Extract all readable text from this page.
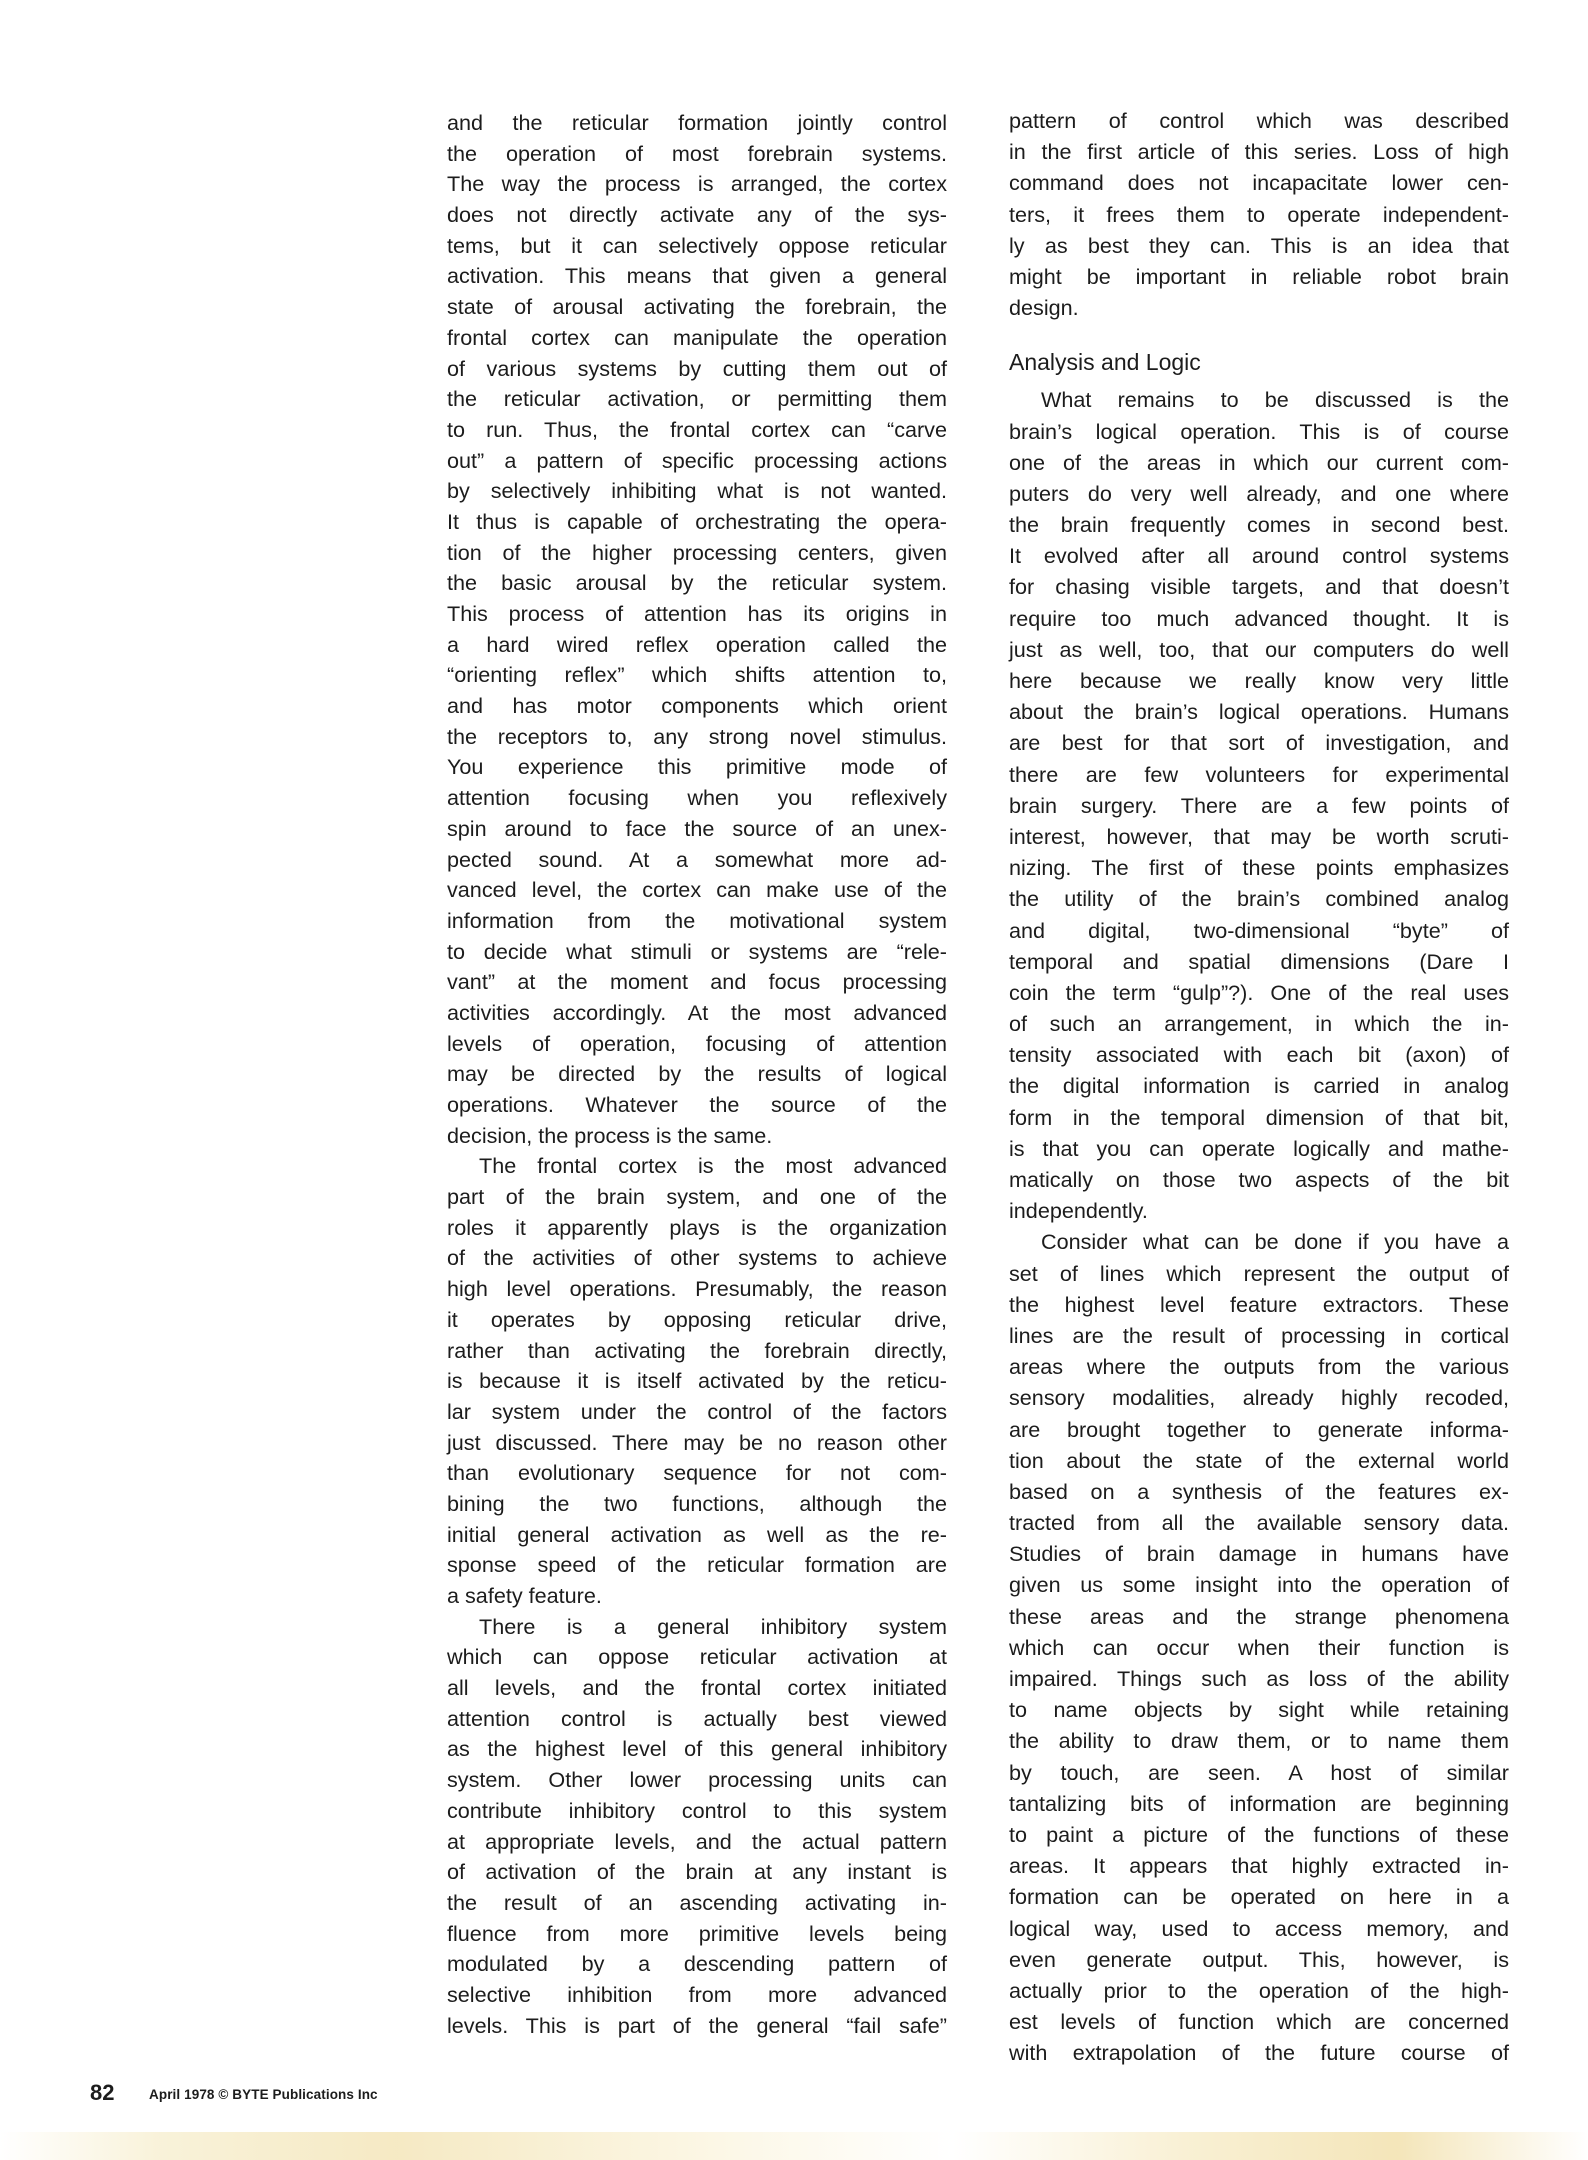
and the reticular formation jointly control
the operation of most forebrain systems.
The way the process is arranged, the cortex
does not directly activate any of the sys-
tems, but it can selectively oppose reticular
activation. This means that given a general
state of arousal activating the forebrain, the
frontal cortex can manipulate the operation
of various systems by cutting them out of
the reticular activation, or permitting them
to run. Thus, the frontal cortex can “carve
out” a pattern of specific processing actions
by selectively inhibiting what is not wanted.
It thus is capable of orchestrating the opera-
tion of the higher processing centers, given
the basic arousal by the reticular system.
This process of attention has its origins in
a hard wired reflex operation called the
“orienting reflex” which shifts attention to,
and has motor components which orient
the receptors to, any strong novel stimulus.
You experience this primitive mode of
attention focusing when you reflexively
spin around to face the source of an unex-
pected sound. At a somewhat more ad-
vanced level, the cortex can make use of the
information from the motivational system
to decide what stimuli or systems are “rele-
vant” at the moment and focus processing
activities accordingly. At the most advanced
levels of operation, focusing of attention
may be directed by the results of logical
operations. Whatever the source of the
decision, the process is the same.
The frontal cortex is the most advanced
part of the brain system, and one of the
roles it apparently plays is the organization
of the activities of other systems to achieve
high level operations. Presumably, the reason
it operates by opposing reticular drive,
rather than activating the forebrain directly,
is because it is itself activated by the reticu-
lar system under the control of the factors
just discussed. There may be no reason other
than evolutionary sequence for not com-
bining the two functions, although the
initial general activation as well as the re-
sponse speed of the reticular formation are
a safety feature.
There is a general inhibitory system
which can oppose reticular activation at
all levels, and the frontal cortex initiated
attention control is actually best viewed
as the highest level of this general inhibitory
system. Other lower processing units can
contribute inhibitory control to this system
at appropriate levels, and the actual pattern
of activation of the brain at any instant is
the result of an ascending activating in-
fluence from more primitive levels being
modulated by a descending pattern of
selective inhibition from more advanced
levels. This is part of the general “fail safe”
pattern of control which was described
in the first article of this series. Loss of high
command does not incapacitate lower cen-
ters, it frees them to operate independent-
ly as best they can. This is an idea that
might be important in reliable robot brain
design.
Analysis and Logic
What remains to be discussed is the
brain’s logical operation. This is of course
one of the areas in which our current com-
puters do very well already, and one where
the brain frequently comes in second best.
It evolved after all around control systems
for chasing visible targets, and that doesn’t
require too much advanced thought. It is
just as well, too, that our computers do well
here because we really know very little
about the brain’s logical operations. Humans
are best for that sort of investigation, and
there are few volunteers for experimental
brain surgery. There are a few points of
interest, however, that may be worth scruti-
nizing. The first of these points emphasizes
the utility of the brain’s combined analog
and digital, two-dimensional “byte” of
temporal and spatial dimensions (Dare I
coin the term “gulp”?). One of the real uses
of such an arrangement, in which the in-
tensity associated with each bit (axon) of
the digital information is carried in analog
form in the temporal dimension of that bit,
is that you can operate logically and mathe-
matically on those two aspects of the bit
independently.
Consider what can be done if you have a
set of lines which represent the output of
the highest level feature extractors. These
lines are the result of processing in cortical
areas where the outputs from the various
sensory modalities, already highly recoded,
are brought together to generate informa-
tion about the state of the external world
based on a synthesis of the features ex-
tracted from all the available sensory data.
Studies of brain damage in humans have
given us some insight into the operation of
these areas and the strange phenomena
which can occur when their function is
impaired. Things such as loss of the ability
to name objects by sight while retaining
the ability to draw them, or to name them
by touch, are seen. A host of similar
tantalizing bits of information are beginning
to paint a picture of the functions of these
areas. It appears that highly extracted in-
formation can be operated on here in a
logical way, used to access memory, and
even generate output. This, however, is
actually prior to the operation of the high-
est levels of function which are concerned
with extrapolation of the future course of
82	April 1978 © BYTE Publications Inc
